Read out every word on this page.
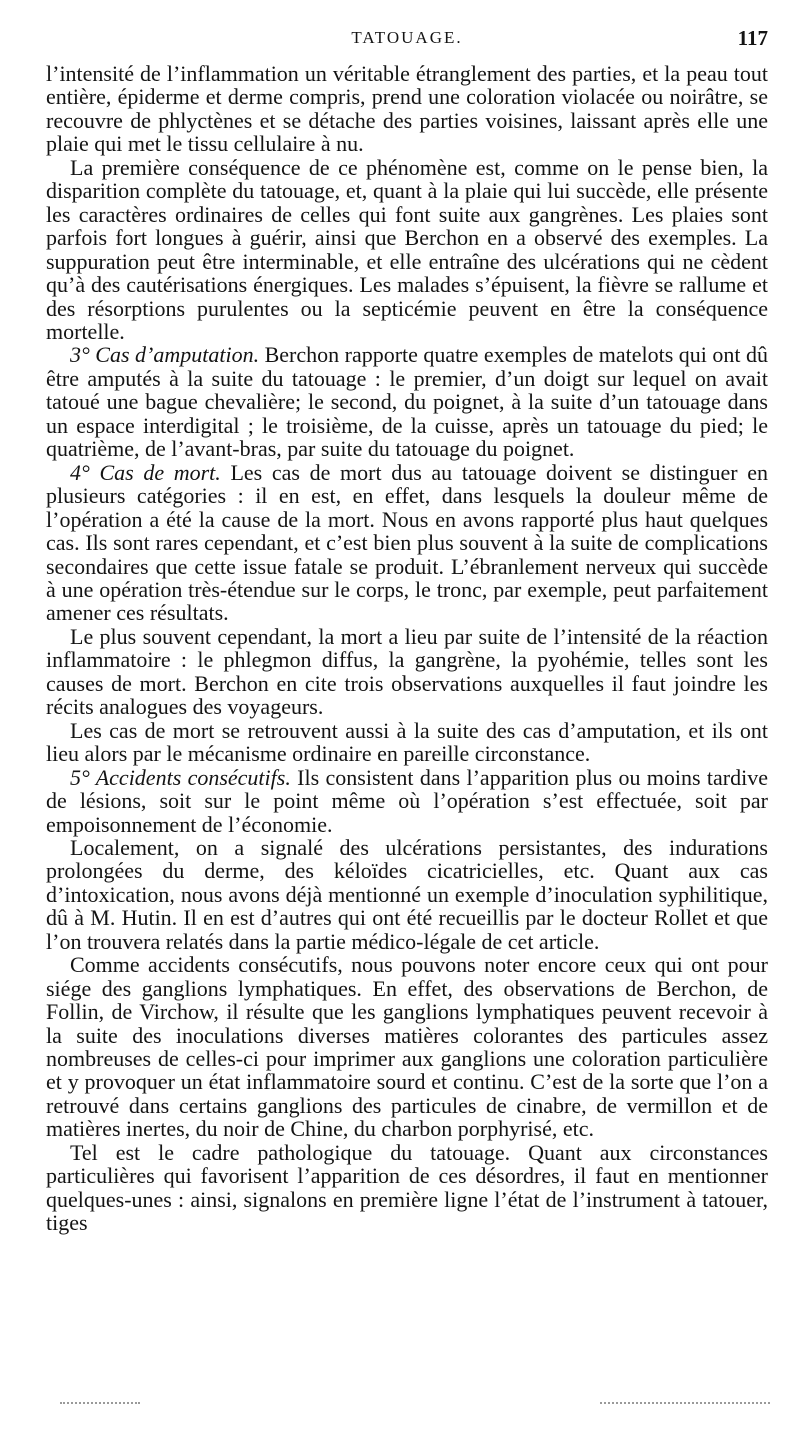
TATOUAGE.	117

l’intensité de l’inflammation un véritable étranglement des parties, et la peau tout entière, épiderme et derme compris, prend une coloration violacée ou noirâtre, se recouvre de phlyctènes et se détache des parties voisines, laissant après elle une plaie qui met le tissu cellulaire à nu.

La première conséquence de ce phénomène est, comme on le pense bien, la disparition complète du tatouage, et, quant à la plaie qui lui succède, elle présente les caractères ordinaires de celles qui font suite aux gangrènes. Les plaies sont parfois fort longues à guérir, ainsi que Berchon en a observé des exemples. La suppuration peut être interminable, et elle entraîne des ulcérations qui ne cèdent qu’à des cautérisations énergiques. Les malades s’épuisent, la fièvre se rallume et des résorptions purulentes ou la septicémie peuvent en être la conséquence mortelle.

3° Cas d’amputation. Berchon rapporte quatre exemples de matelots qui ont dû être amputés à la suite du tatouage : le premier, d’un doigt sur lequel on avait tatoué une bague chevalière; le second, du poignet, à la suite d’un tatouage dans un espace interdigital ; le troisième, de la cuisse, après un tatouage du pied; le quatrième, de l’avant-bras, par suite du tatouage du poignet.

4° Cas de mort. Les cas de mort dus au tatouage doivent se distinguer en plusieurs catégories : il en est, en effet, dans lesquels la douleur même de l’opération a été la cause de la mort. Nous en avons rapporté plus haut quelques cas. Ils sont rares cependant, et c’est bien plus souvent à la suite de complications secondaires que cette issue fatale se produit. L’ébranlement nerveux qui succède à une opération très-étendue sur le corps, le tronc, par exemple, peut parfaitement amener ces résultats.

Le plus souvent cependant, la mort a lieu par suite de l’intensité de la réaction inflammatoire : le phlegmon diffus, la gangrène, la pyohémie, telles sont les causes de mort. Berchon en cite trois observations auxquelles il faut joindre les récits analogues des voyageurs.

Les cas de mort se retrouvent aussi à la suite des cas d’amputation, et ils ont lieu alors par le mécanisme ordinaire en pareille circonstance.

5° Accidents consécutifs. Ils consistent dans l’apparition plus ou moins tardive de lésions, soit sur le point même où l’opération s’est effectuée, soit par empoisonnement de l’économie.

Localement, on a signalé des ulcérations persistantes, des indurations prolongées du derme, des kéloïdes cicatricielles, etc. Quant aux cas d’intoxication, nous avons déjà mentionné un exemple d’inoculation syphilitique, dû à M. Hutin. Il en est d’autres qui ont été recueillis par le docteur Rollet et que l’on trouvera relatés dans la partie médico-légale de cet article.

Comme accidents consécutifs, nous pouvons noter encore ceux qui ont pour siége des ganglions lymphatiques. En effet, des observations de Berchon, de Follin, de Virchow, il résulte que les ganglions lymphatiques peuvent recevoir à la suite des inoculations diverses matières colorantes des particules assez nombreuses de celles-ci pour imprimer aux ganglions une coloration particulière et y provoquer un état inflammatoire sourd et continu. C’est de la sorte que l’on a retrouvé dans certains ganglions des particules de cinabre, de vermillon et de matières inertes, du noir de Chine, du charbon porphyrisé, etc.

Tel est le cadre pathologique du tatouage. Quant aux circonstances particulières qui favorisent l’apparition de ces désordres, il faut en mentionner quelques-unes : ainsi, signalons en première ligne l’état de l’instrument à tatouer, tiges
